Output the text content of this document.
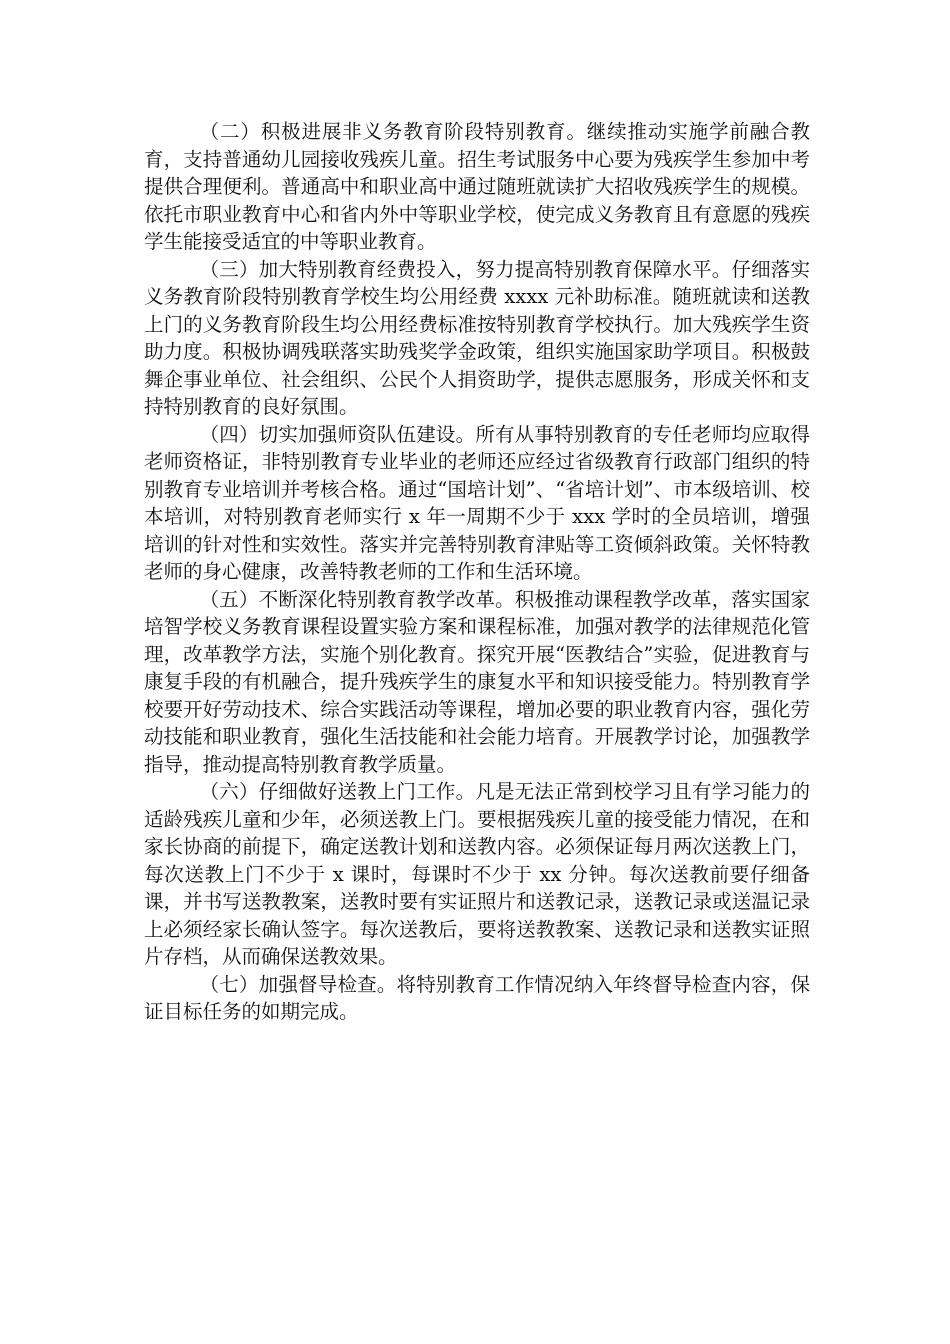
（二）积极进展非义务教育阶段特别教育。继续推动实施学前融合教育，支持普通幼儿园接收残疾儿童。招生考试服务中心要为残疾学生参加中考提供合理便利。普通高中和职业高中通过随班就读扩大招收残疾学生的规模。依托市职业教育中心和省内外中等职业学校，使完成义务教育且有意愿的残疾学生能接受适宜的中等职业教育。

（三）加大特别教育经费投入，努力提高特别教育保障水平。仔细落实义务教育阶段特别教育学校生均公用经费 xxxx 元补助标准。随班就读和送教上门的义务教育阶段生均公用经费标准按特别教育学校执行。加大残疾学生资助力度。积极协调残联落实助残奖学金政策，组织实施国家助学项目。积极鼓舞企事业单位、社会组织、公民个人捐资助学，提供志愿服务，形成关怀和支持特别教育的良好氛围。

（四）切实加强师资队伍建设。所有从事特别教育的专任老师均应取得老师资格证，非特别教育专业毕业的老师还应经过省级教育行政部门组织的特别教育专业培训并考核合格。通过“国培计划”、“省培计划”、市本级培训、校本培训，对特别教育老师实行 x 年一周期不少于 xxx 学时的全员培训，增强培训的针对性和实效性。落实并完善特别教育津贴等工资倾斜政策。关怀特教老师的身心健康，改善特教老师的工作和生活环境。

（五）不断深化特别教育教学改革。积极推动课程教学改革，落实国家培智学校义务教育课程设置实验方案和课程标准，加强对教学的法律规范化管理，改革教学方法，实施个别化教育。探究开展“医教结合”实验，促进教育与康复手段的有机融合，提升残疾学生的康复水平和知识接受能力。特别教育学校要开好劳动技术、综合实践活动等课程，增加必要的职业教育内容，强化劳动技能和职业教育，强化生活技能和社会能力培育。开展教学讨论，加强教学指导，推动提高特别教育教学质量。

（六）仔细做好送教上门工作。凡是无法正常到校学习且有学习能力的适龄残疾儿童和少年，必须送教上门。要根据残疾儿童的接受能力情况，在和家长协商的前提下，确定送教计划和送教内容。必须保证每月两次送教上门，每次送教上门不少于 x 课时，每课时不少于 xx 分钟。每次送教前要仔细备课，并书写送教教案，送教时要有实证照片和送教记录，送教记录或送温记录上必须经家长确认签字。每次送教后，要将送教教案、送教记录和送教实证照片存档，从而确保送教效果。

（七）加强督导检查。将特别教育工作情况纳入年终督导检查内容，保证目标任务的如期完成。
